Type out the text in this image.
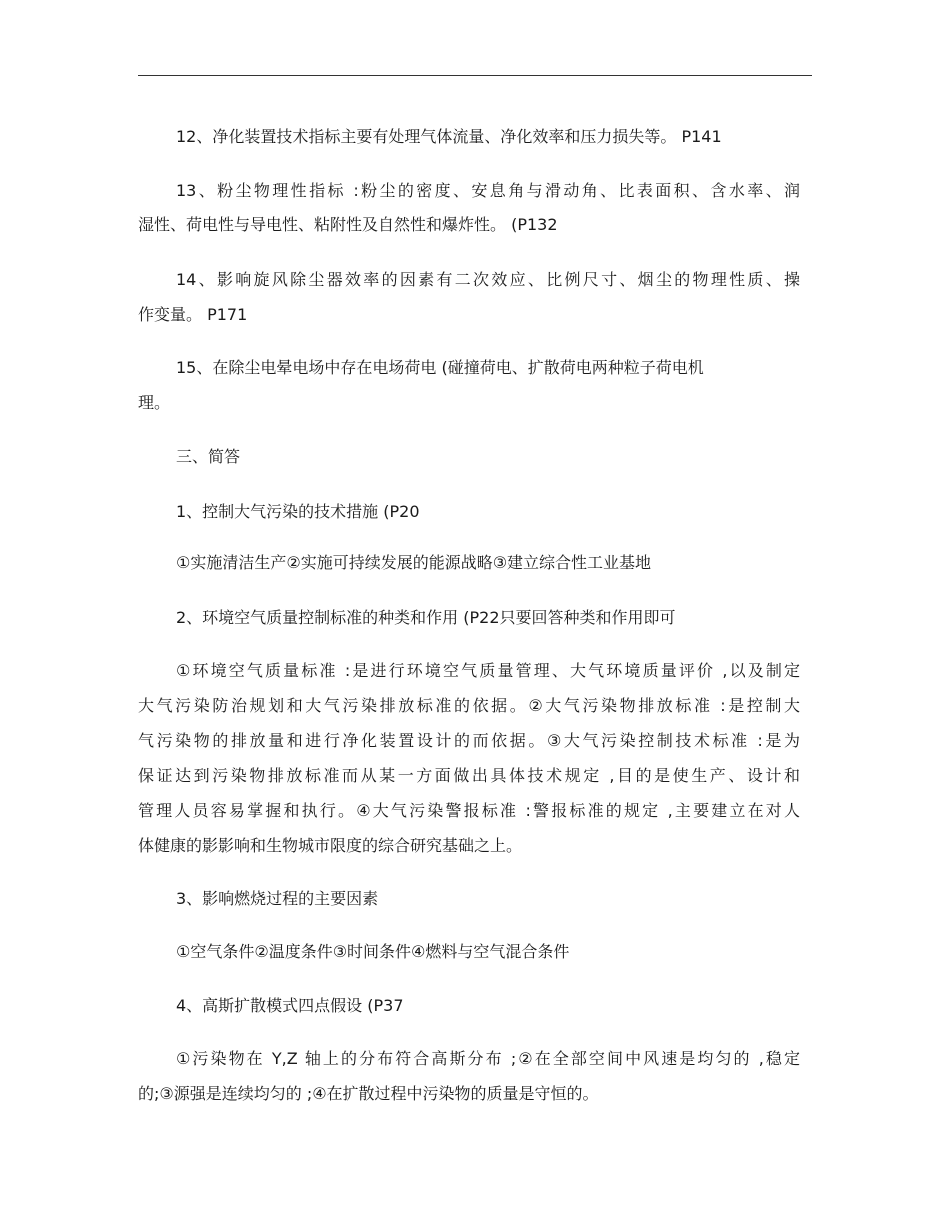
12、净化装置技术指标主要有处理气体流量、净化效率和压力损失等。 P141
13、粉尘物理性指标 :粉尘的密度、安息角与滑动角、比表面积、含水率、润
湿性、荷电性与导电性、粘附性及自然性和爆炸性。 (P132
14、影响旋风除尘器效率的因素有二次效应、比例尺寸、烟尘的物理性质、操
作变量。 P171
15、在除尘电晕电场中存在电场荷电 (碰撞荷电、扩散荷电两种粒子荷电机
理。
三、简答
1、控制大气污染的技术措施 (P20
①实施清洁生产②实施可持续发展的能源战略③建立综合性工业基地
2、环境空气质量控制标准的种类和作用 (P22只要回答种类和作用即可
①环境空气质量标准 :是进行环境空气质量管理、大气环境质量评价 ,以及制定
大气污染防治规划和大气污染排放标准的依据。②大气污染物排放标准 :是控制大
气污染物的排放量和进行净化装置设计的而依据。③大气污染控制技术标准 :是为
保证达到污染物排放标准而从某一方面做出具体技术规定 ,目的是使生产、设计和
管理人员容易掌握和执行。④大气污染警报标准 :警报标准的规定 ,主要建立在对人
体健康的影影响和生物城市限度的综合研究基础之上。
3、影响燃烧过程的主要因素
①空气条件②温度条件③时间条件④燃料与空气混合条件
4、高斯扩散模式四点假设 (P37
①污染物在 Y,Z 轴上的分布符合高斯分布 ;②在全部空间中风速是均匀的 ,稳定
的;③源强是连续均匀的 ;④在扩散过程中污染物的质量是守恒的。
